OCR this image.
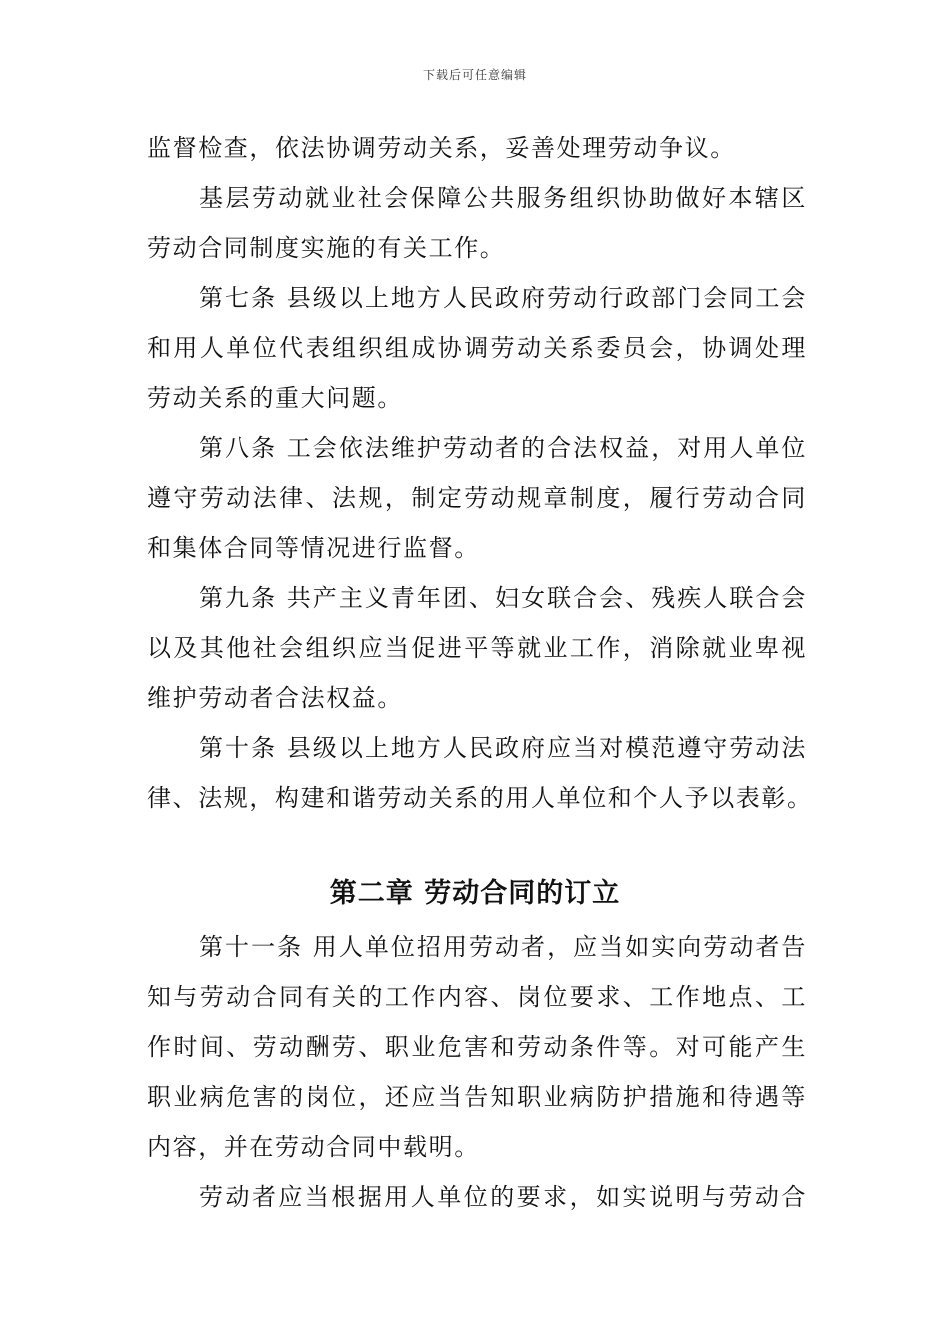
下载后可任意编辑
监督检查，依法协调劳动关系，妥善处理劳动争议。
基层劳动就业社会保障公共服务组织协助做好本辖区
劳动合同制度实施的有关工作。
第七条 县级以上地方人民政府劳动行政部门会同工会
和用人单位代表组织组成协调劳动关系委员会，协调处理
劳动关系的重大问题。
第八条 工会依法维护劳动者的合法权益，对用人单位
遵守劳动法律、法规，制定劳动规章制度，履行劳动合同
和集体合同等情况进行监督。
第九条 共产主义青年团、妇女联合会、残疾人联合会
以及其他社会组织应当促进平等就业工作，消除就业卑视
维护劳动者合法权益。
第十条 县级以上地方人民政府应当对模范遵守劳动法
律、法规，构建和谐劳动关系的用人单位和个人予以表彰。
第二章 劳动合同的订立
第十一条 用人单位招用劳动者，应当如实向劳动者告
知与劳动合同有关的工作内容、岗位要求、工作地点、工
作时间、劳动酬劳、职业危害和劳动条件等。对可能产生
职业病危害的岗位，还应当告知职业病防护措施和待遇等
内容，并在劳动合同中载明。
劳动者应当根据用人单位的要求，如实说明与劳动合
